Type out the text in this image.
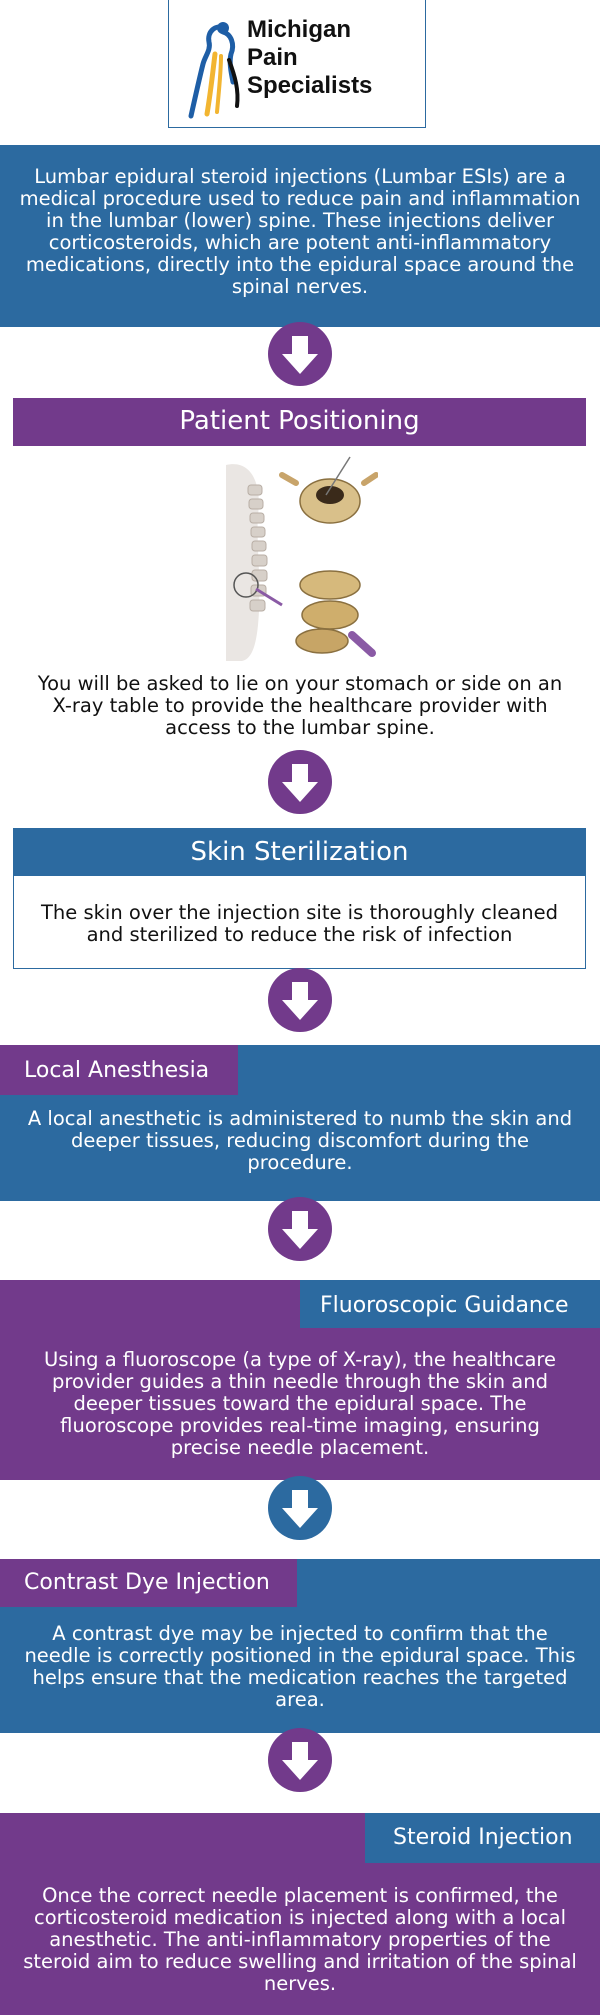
Michigan
Pain
Specialists

Lumbar epidural steroid injections (Lumbar ESIs) are a medical procedure used to reduce pain and inflammation in the lumbar (lower) spine. These injections deliver corticosteroids, which are potent anti-inflammatory medications, directly into the epidural space around the spinal nerves.

Patient Positioning
You will be asked to lie on your stomach or side on an X-ray table to provide the healthcare provider with access to the lumbar spine.
Skin Sterilization

The skin over the injection site is thoroughly cleaned and sterilized to reduce the risk of infection

Local Anesthesia
A local anesthetic is administered to numb the skin and deeper tissues, reducing discomfort during the procedure.
Fluoroscopic Guidance
Using a fluoroscope (a type of X-ray), the healthcare provider guides a thin needle through the skin and deeper tissues toward the epidural space. The fluoroscope provides real-time imaging, ensuring precise needle placement.
Contrast Dye Injection
A contrast dye may be injected to confirm that the needle is correctly positioned in the epidural space. This helps ensure that the medication reaches the targeted area.
Steroid Injection
Once the correct needle placement is confirmed, the corticosteroid medication is injected along with a local anesthetic. The anti-inflammatory properties of the steroid aim to reduce swelling and irritation of the spinal nerves.
